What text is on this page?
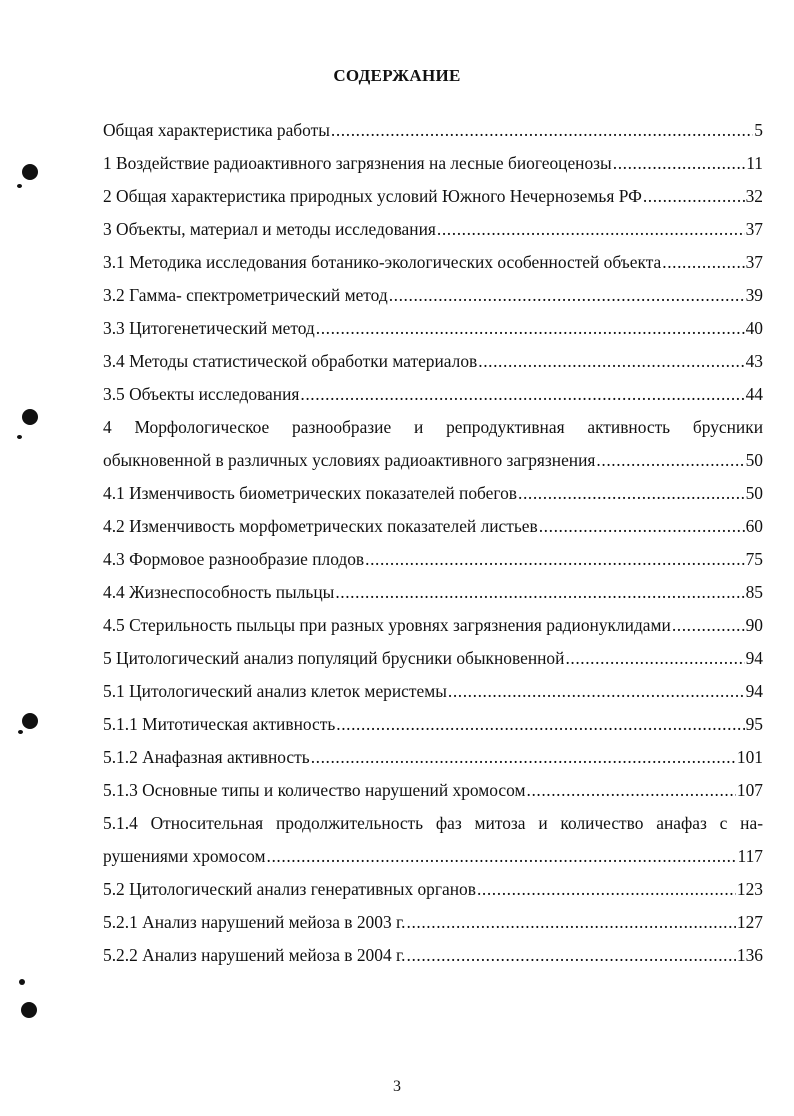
СОДЕРЖАНИЕ
Общая характеристика работы .....	5
1 Воздействие радиоактивного загрязнения на лесные биогеоценозы .....	11
2 Общая характеристика природных условий Южного Нечерноземья РФ .....	32
3 Объекты, материал и методы исследования .....	37
3.1 Методика исследования ботанико-экологических особенностей объекта .....	37
3.2 Гамма- спектрометрический метод .....	39
3.3 Цитогенетический метод .....	40
3.4 Методы статистической обработки материалов .....	43
3.5 Объекты исследования .....	44
4 Морфологическое разнообразие и репродуктивная активность брусники
обыкновенной в различных условиях радиоактивного загрязнения .....	50
4.1 Изменчивость биометрических показателей побегов .....	50
4.2 Изменчивость морфометрических показателей листьев .....	60
4.3 Формовое разнообразие плодов .....	75
4.4 Жизнеспособность пыльцы .....	85
4.5 Стерильность пыльцы при разных уровнях загрязнения радионуклидами .....	90
5 Цитологический анализ популяций брусники обыкновенной .....	94
5.1 Цитологический анализ клеток меристемы .....	94
5.1.1 Митотическая активность .....	95
5.1.2 Анафазная активность .....	101
5.1.3 Основные типы и количество нарушений хромосом .....	107
5.1.4 Относительная продолжительность фаз митоза и количество анафаз с на-
рушениями хромосом .....	117
5.2 Цитологический анализ генеративных органов .....	123
5.2.1 Анализ нарушений мейоза в 2003 г. .....	127
5.2.2 Анализ нарушений мейоза в 2004 г. .....	136
3
